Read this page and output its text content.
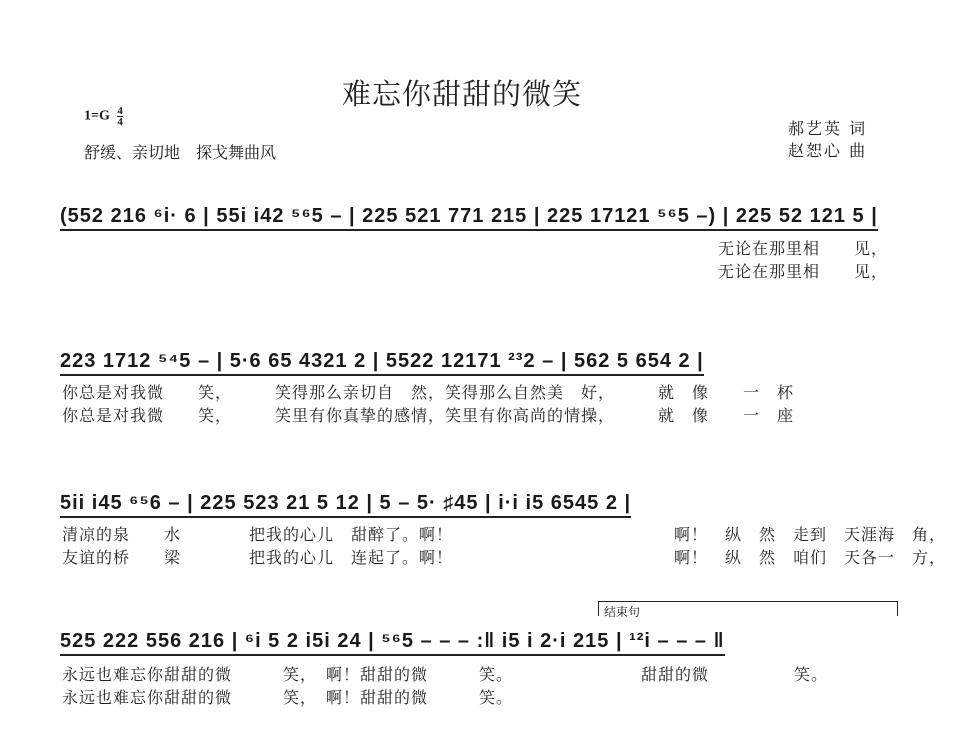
难忘你甜甜的微笑
$1=G \frac{4}{4}$
舒缓、亲切地　探戈舞曲风
郝艺英 词
赵恕心 曲
(552 216 ⁶i· 6 | 55i i42 ⁵⁶5 – | 225 521 771 215 | 225 17121 ⁵⁶5 –) | 225 52 121 5 |
无论在那里相　　见，
无论在那里相　　见，
223 1712 ⁵⁴5 – | 5·6 65 4321 2 | 5522 12171 ²³2 – | 562 5 654 2 |
你总是对我微　　笑，　　　笑得那么亲切自　然，笑得那么自然美　好，　　　就　像　　一　杯
你总是对我微　　笑，　　　笑里有你真挚的感情，笑里有你高尚的情操，　　　就　像　　一　座
5ii i45 ⁶⁵6 – | 225 523 21 5 12 | 5 – 5· ♯45 | i·i i5 6545 2 |
清凉的泉　　水　　　　把我的心儿　甜醉了。啊！　　　　　　　　　　　　　啊！　纵　然　走到　天涯海　角，
友谊的桥　　梁　　　　把我的心儿　连起了。啊！　　　　　　　　　　　　　啊！　纵　然　咱们　天各一　方，
结束句
525 222 556 216 | ⁶i 5 2 i5i 24 | ⁵⁶5 – – – :‖ i5 i 2·i 215 | ¹²i – – – ‖
永远也难忘你甜甜的微　　　笑，　啊！甜甜的微　　　笑。　　　　　　　　甜甜的微　　　　　笑。
永远也难忘你甜甜的微　　　笑，　啊！甜甜的微　　　笑。
